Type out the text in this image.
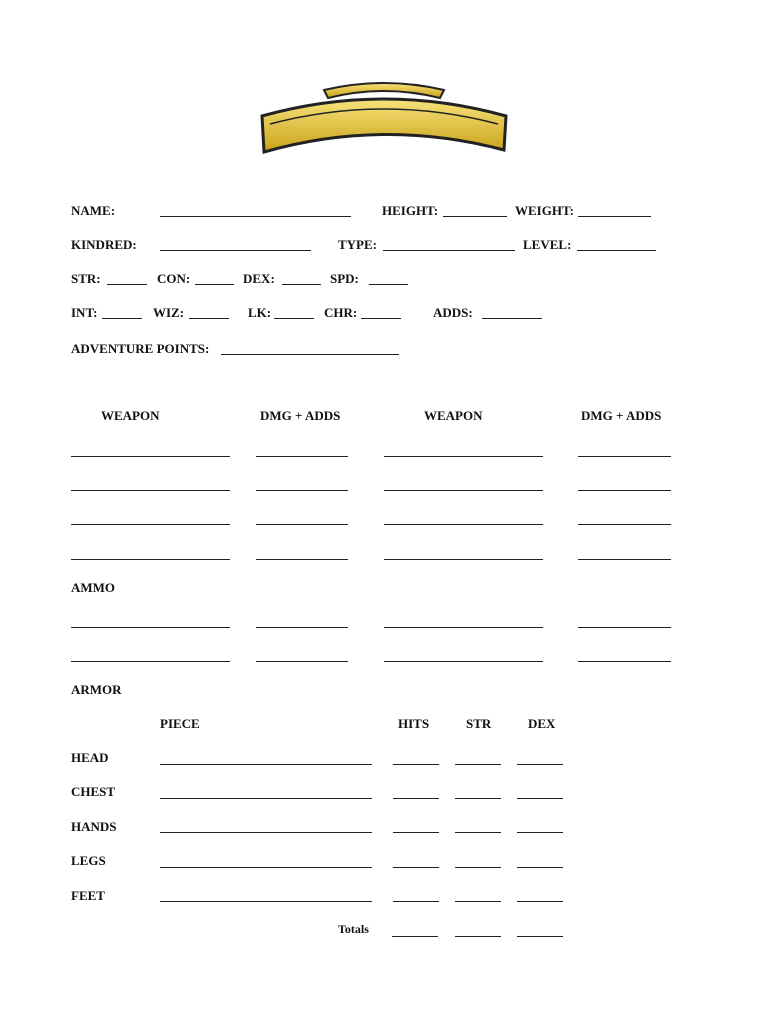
NAME:	HEIGHT:	WEIGHT:
KINDRED:	TYPE:	LEVEL:
STR:	CON:	DEX:	SPD:
INT:	WIZ:	LK:	CHR:	ADDS:
ADVENTURE POINTS:
WEAPON	DMG + ADDS	WEAPON	DMG + ADDS
AMMO
ARMOR
PIECE	HITS	STR	DEX
HEAD
CHEST
HANDS
LEGS
FEET
Totals
